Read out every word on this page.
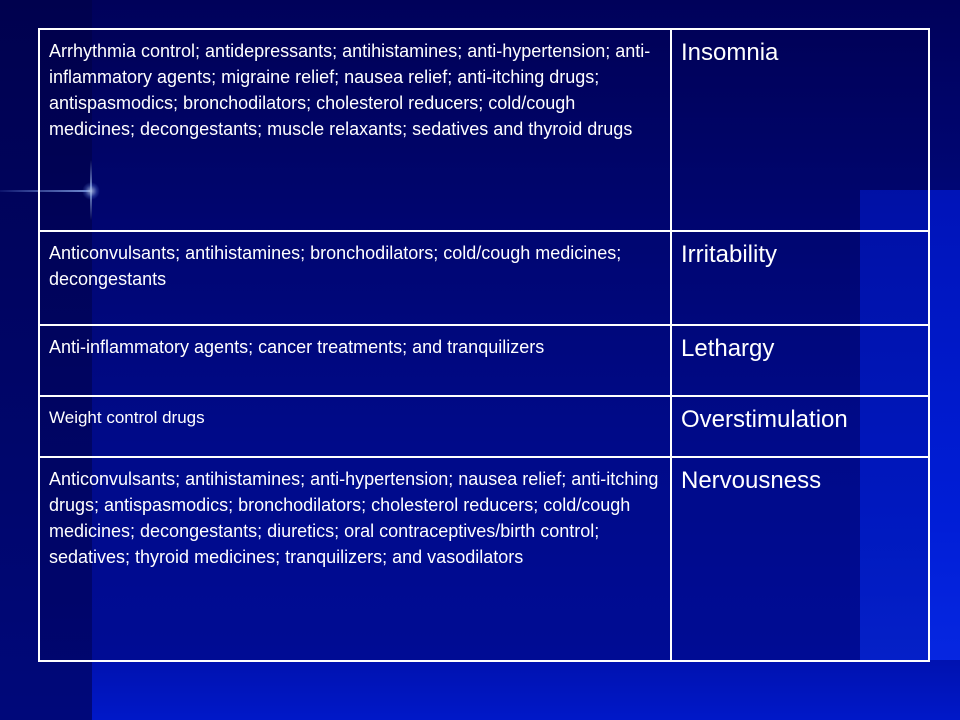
Arrhythmia control; antidepressants; antihistamines; anti-hypertension; anti-inflammatory agents; migraine relief; nausea relief; anti-itching drugs; antispasmodics; bronchodilators; cholesterol reducers; cold/cough medicines; decongestants; muscle relaxants; sedatives and thyroid drugs	Insomnia
Anticonvulsants; antihistamines; bronchodilators; cold/cough medicines; decongestants	Irritability
Anti-inflammatory agents; cancer treatments; and tranquilizers	Lethargy
Weight control drugs	Overstimulation
Anticonvulsants; antihistamines; anti-hypertension; nausea relief; anti-itching drugs; antispasmodics; bronchodilators; cholesterol reducers; cold/cough medicines; decongestants; diuretics; oral contraceptives/birth control; sedatives; thyroid medicines; tranquilizers; and vasodilators	Nervousness
